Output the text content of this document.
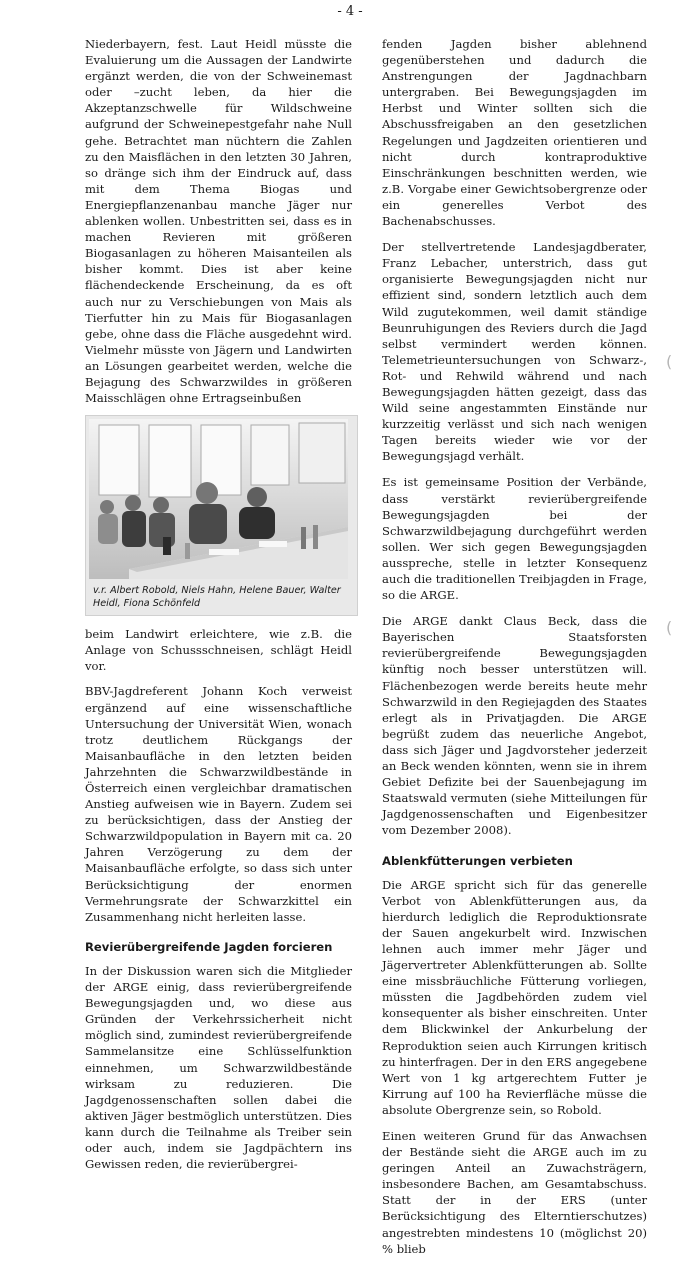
- 4 -

Niederbayern, fest. Laut Heidl müsste die Evaluierung um die Aussagen der Landwirte ergänzt werden, die von der Schweinemast oder –zucht leben, da hier die Akzeptanzschwelle für Wildschweine aufgrund der Schweinepestgefahr nahe Null gehe. Betrachtet man nüchtern die Zahlen zu den Maisflächen in den letzten 30 Jahren, so dränge sich ihm der Eindruck auf, dass mit dem Thema Biogas und Energiepflanzenanbau manche Jäger nur ablenken wollen. Unbestritten sei, dass es in machen Revieren mit größeren Biogasanlagen zu höheren Maisanteilen als bisher kommt. Dies ist aber keine flächendeckende Erscheinung, da es oft auch nur zu Verschiebungen von Mais als Tierfutter hin zu Mais für Biogasanlagen gebe, ohne dass die Fläche ausgedehnt wird. Vielmehr müsste von Jägern und Landwirten an Lösungen gearbeitet werden, welche die Bejagung des Schwarzwildes in größeren Maisschlägen ohne Ertragseinbußen

v.r. Albert Robold, Niels Hahn, Helene Bauer, Walter Heidl, Fiona Schönfeld

beim Landwirt erleichtere, wie z.B. die Anlage von Schussschneisen, schlägt Heidl vor.

BBV-Jagdreferent Johann Koch verweist ergänzend auf eine wissenschaftliche Untersuchung der Universität Wien, wonach trotz deutlichem Rückgangs der Maisanbaufläche in den letzten beiden Jahrzehnten die Schwarzwildbestände in Österreich einen vergleichbar dramatischen Anstieg aufweisen wie in Bayern. Zudem sei zu berücksichtigen, dass der Anstieg der Schwarzwildpopulation in Bayern mit ca. 20 Jahren Verzögerung zu dem der Maisanbaufläche erfolgte, so dass sich unter Berücksichtigung der enormen Vermehrungsrate der Schwarzkittel ein Zusammenhang nicht herleiten lasse.

Revierübergreifende Jagden forcieren

In der Diskussion waren sich die Mitglieder der ARGE einig, dass revierübergreifende Bewegungsjagden und, wo diese aus Gründen der Verkehrssicherheit nicht möglich sind, zumindest revierübergreifende Sammelansitze eine Schlüsselfunktion einnehmen, um Schwarzwildbestände wirksam zu reduzieren. Die Jagdgenossenschaften sollen dabei die aktiven Jäger bestmöglich unterstützen. Dies kann durch die Teilnahme als Treiber sein oder auch, indem sie Jagdpächtern ins Gewissen reden, die revierübergrei-

fenden Jagden bisher ablehnend gegenüberstehen und dadurch die Anstrengungen der Jagdnachbarn untergraben. Bei Bewegungsjagden im Herbst und Winter sollten sich die Abschussfreigaben an den gesetzlichen Regelungen und Jagdzeiten orientieren und nicht durch kontraproduktive Einschränkungen beschnitten werden, wie z.B. Vorgabe einer Gewichtsobergrenze oder ein generelles Verbot des Bachenabschusses.

Der stellvertretende Landesjagdberater, Franz Lebacher, unterstrich, dass gut organisierte Bewegungsjagden nicht nur effizient sind, sondern letztlich auch dem Wild zugutekommen, weil damit ständige Beunruhigungen des Reviers durch die Jagd selbst vermindert werden können. Telemetrieuntersuchungen von Schwarz-, Rot- und Rehwild während und nach Bewegungsjagden hätten gezeigt, dass das Wild seine angestammten Einstände nur kurzzeitig verlässt und sich nach wenigen Tagen bereits wieder wie vor der Bewegungsjagd verhält.

Es ist gemeinsame Position der Verbände, dass verstärkt revierübergreifende Bewegungsjagden bei der Schwarzwildbejagung durchgeführt werden sollen. Wer sich gegen Bewegungsjagden ausspreche, stelle in letzter Konsequenz auch die traditionellen Treibjagden in Frage, so die ARGE.

Die ARGE dankt Claus Beck, dass die Bayerischen Staatsforsten revierübergreifende Bewegungsjagden künftig noch besser unterstützen will. Flächenbezogen werde bereits heute mehr Schwarzwild in den Regiejagden des Staates erlegt als in Privatjagden. Die ARGE begrüßt zudem das neuerliche Angebot, dass sich Jäger und Jagdvorsteher jederzeit an Beck wenden könnten, wenn sie in ihrem Gebiet Defizite bei der Sauenbejagung im Staatswald vermuten (siehe Mitteilungen für Jagdgenossenschaften und Eigenbesitzer vom Dezember 2008).

Ablenkfütterungen verbieten

Die ARGE spricht sich für das generelle Verbot von Ablenkfütterungen aus, da hierdurch lediglich die Reproduktionsrate der Sauen angekurbelt wird. Inzwischen lehnen auch immer mehr Jäger und Jägervertreter Ablenkfütterungen ab. Sollte eine missbräuchliche Fütterung vorliegen, müssten die Jagdbehörden zudem viel konsequenter als bisher einschreiten. Unter dem Blickwinkel der Ankurbelung der Reproduktion seien auch Kirrungen kritisch zu hinterfragen. Der in den ERS angegebene Wert von 1 kg artgerechtem Futter je Kirrung auf 100 ha Revierfläche müsse die absolute Obergrenze sein, so Robold.

Einen weiteren Grund für das Anwachsen der Bestände sieht die ARGE auch im zu geringen Anteil an Zuwachsträgern, insbesondere Bachen, am Gesamtabschuss. Statt der in der ERS (unter Berücksichtigung des Elterntierschutzes) angestrebten mindestens 10 (möglichst 20) % blieb

(
(
